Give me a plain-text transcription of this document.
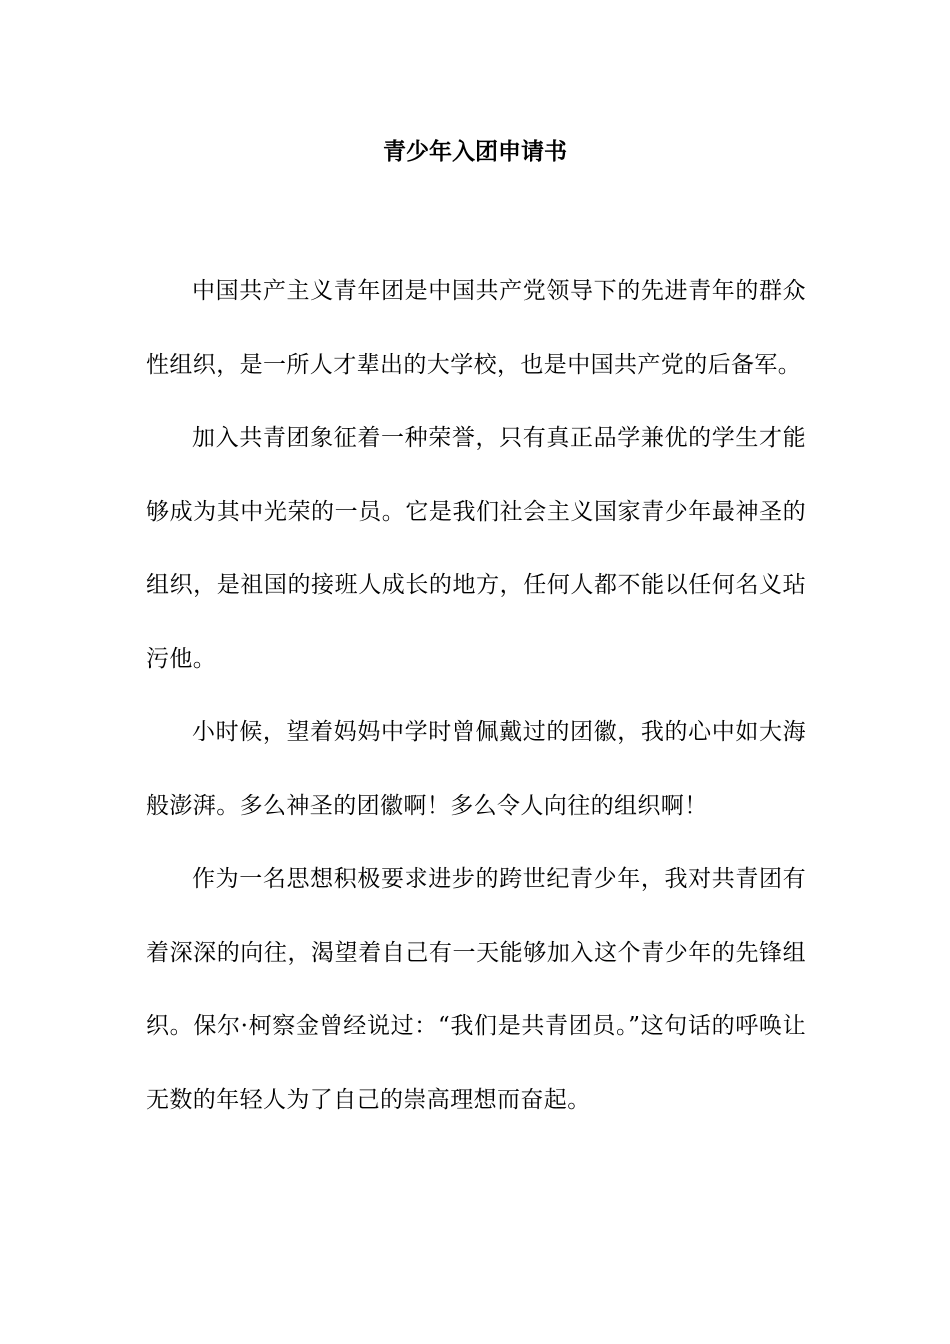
青少年入团申请书

中国共产主义青年团是中国共产党领导下的先进青年的群众性组织，是一所人才辈出的大学校，也是中国共产党的后备军。

加入共青团象征着一种荣誉，只有真正品学兼优的学生才能够成为其中光荣的一员。它是我们社会主义国家青少年最神圣的组织，是祖国的接班人成长的地方，任何人都不能以任何名义玷污他。

小时候，望着妈妈中学时曾佩戴过的团徽，我的心中如大海般澎湃。多么神圣的团徽啊！多么令人向往的组织啊！

作为一名思想积极要求进步的跨世纪青少年，我对共青团有着深深的向往，渴望着自己有一天能够加入这个青少年的先锋组织。保尔·柯察金曾经说过：“我们是共青团员。”这句话的呼唤让无数的年轻人为了自己的崇高理想而奋起。
